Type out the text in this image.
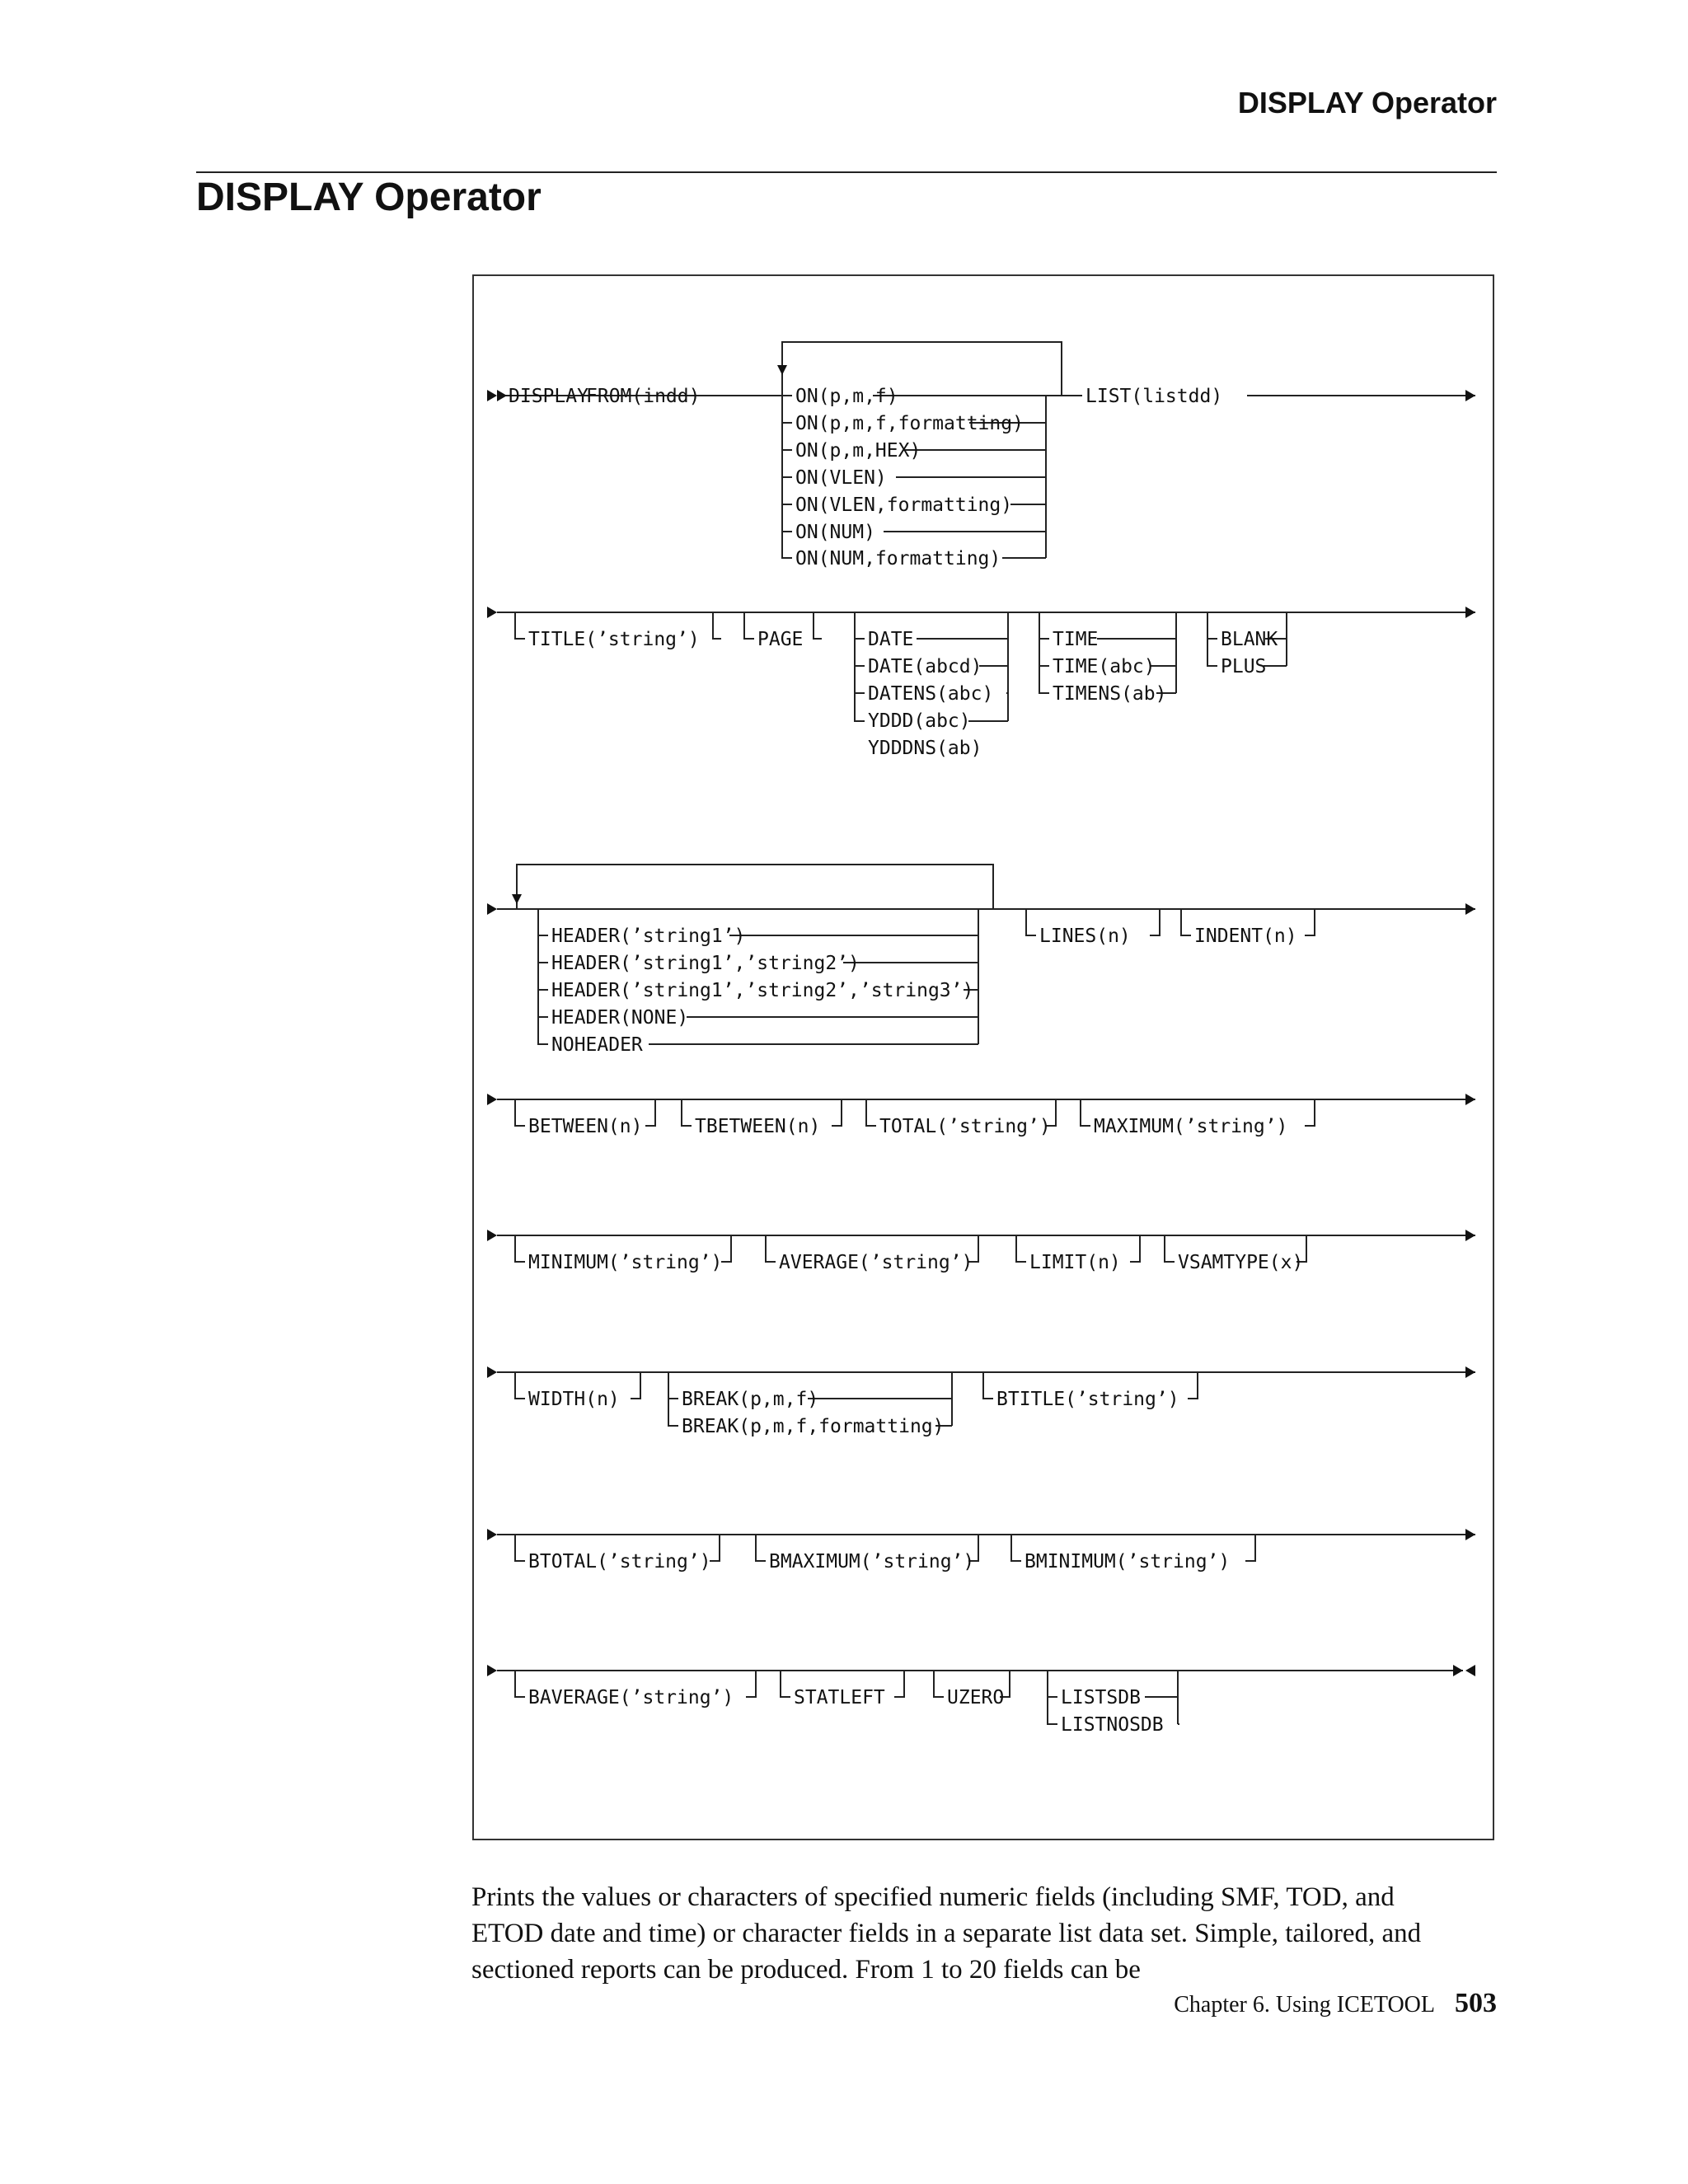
DISPLAY Operator
DISPLAY Operator
DISPLAY
FROM(indd)	ON(p,m,f)
ON(p,m,f,formatting)
ON(p,m,HEX)
ON(VLEN)
ON(VLEN,formatting)
ON(NUM)
ON(NUM,formatting)
LIST(listdd)
TITLE(’string’)	PAGE	DATE
DATE(abcd)
DATENS(abc)
YDDD(abc)
YDDDNS(ab)
TIME
TIME(abc)
TIMENS(ab)
BLANK
PLUS
HEADER(’string1’)
HEADER(’string1’,’string2’)
HEADER(’string1’,’string2’,’string3’)
HEADER(NONE)
NOHEADER
LINES(n)	INDENT(n)
BETWEEN(n)	TBETWEEN(n)	TOTAL(’string’) MAXIMUM(’string’)
MINIMUM(’string’)	AVERAGE(’string’)	LIMIT(n)	VSAMTYPE(x)
WIDTH(n)	BREAK(p,m,f)
BREAK(p,m,f,formatting)
BTITLE(’string’)
BTOTAL(’string’)	BMAXIMUM(’string’)	BMINIMUM(’string’)
BAVERAGE(’string’)	STATLEFT	UZERO	LISTSDB
LISTNOSDB
Prints the values or characters of specified numeric fields (including SMF, TOD, and ETOD date and time) or character fields in a separate list data set. Simple, tailored, and sectioned reports can be produced. From 1 to 20 fields can be
Chapter 6. Using ICETOOL 503
